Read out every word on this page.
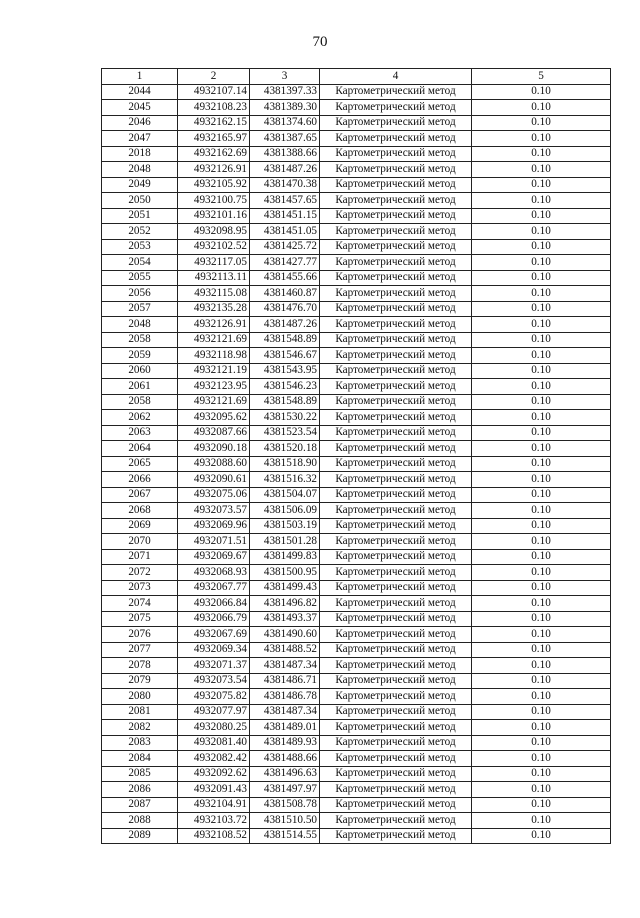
70
1	2	3	4	5
2044	4932107.14	4381397.33	Картометрический метод	0.10
2045	4932108.23	4381389.30	Картометрический метод	0.10
2046	4932162.15	4381374.60	Картометрический метод	0.10
2047	4932165.97	4381387.65	Картометрический метод	0.10
2018	4932162.69	4381388.66	Картометрический метод	0.10
2048	4932126.91	4381487.26	Картометрический метод	0.10
2049	4932105.92	4381470.38	Картометрический метод	0.10
2050	4932100.75	4381457.65	Картометрический метод	0.10
2051	4932101.16	4381451.15	Картометрический метод	0.10
2052	4932098.95	4381451.05	Картометрический метод	0.10
2053	4932102.52	4381425.72	Картометрический метод	0.10
2054	4932117.05	4381427.77	Картометрический метод	0.10
2055	4932113.11	4381455.66	Картометрический метод	0.10
2056	4932115.08	4381460.87	Картометрический метод	0.10
2057	4932135.28	4381476.70	Картометрический метод	0.10
2048	4932126.91	4381487.26	Картометрический метод	0.10
2058	4932121.69	4381548.89	Картометрический метод	0.10
2059	4932118.98	4381546.67	Картометрический метод	0.10
2060	4932121.19	4381543.95	Картометрический метод	0.10
2061	4932123.95	4381546.23	Картометрический метод	0.10
2058	4932121.69	4381548.89	Картометрический метод	0.10
2062	4932095.62	4381530.22	Картометрический метод	0.10
2063	4932087.66	4381523.54	Картометрический метод	0.10
2064	4932090.18	4381520.18	Картометрический метод	0.10
2065	4932088.60	4381518.90	Картометрический метод	0.10
2066	4932090.61	4381516.32	Картометрический метод	0.10
2067	4932075.06	4381504.07	Картометрический метод	0.10
2068	4932073.57	4381506.09	Картометрический метод	0.10
2069	4932069.96	4381503.19	Картометрический метод	0.10
2070	4932071.51	4381501.28	Картометрический метод	0.10
2071	4932069.67	4381499.83	Картометрический метод	0.10
2072	4932068.93	4381500.95	Картометрический метод	0.10
2073	4932067.77	4381499.43	Картометрический метод	0.10
2074	4932066.84	4381496.82	Картометрический метод	0.10
2075	4932066.79	4381493.37	Картометрический метод	0.10
2076	4932067.69	4381490.60	Картометрический метод	0.10
2077	4932069.34	4381488.52	Картометрический метод	0.10
2078	4932071.37	4381487.34	Картометрический метод	0.10
2079	4932073.54	4381486.71	Картометрический метод	0.10
2080	4932075.82	4381486.78	Картометрический метод	0.10
2081	4932077.97	4381487.34	Картометрический метод	0.10
2082	4932080.25	4381489.01	Картометрический метод	0.10
2083	4932081.40	4381489.93	Картометрический метод	0.10
2084	4932082.42	4381488.66	Картометрический метод	0.10
2085	4932092.62	4381496.63	Картометрический метод	0.10
2086	4932091.43	4381497.97	Картометрический метод	0.10
2087	4932104.91	4381508.78	Картометрический метод	0.10
2088	4932103.72	4381510.50	Картометрический метод	0.10
2089	4932108.52	4381514.55	Картометрический метод	0.10
